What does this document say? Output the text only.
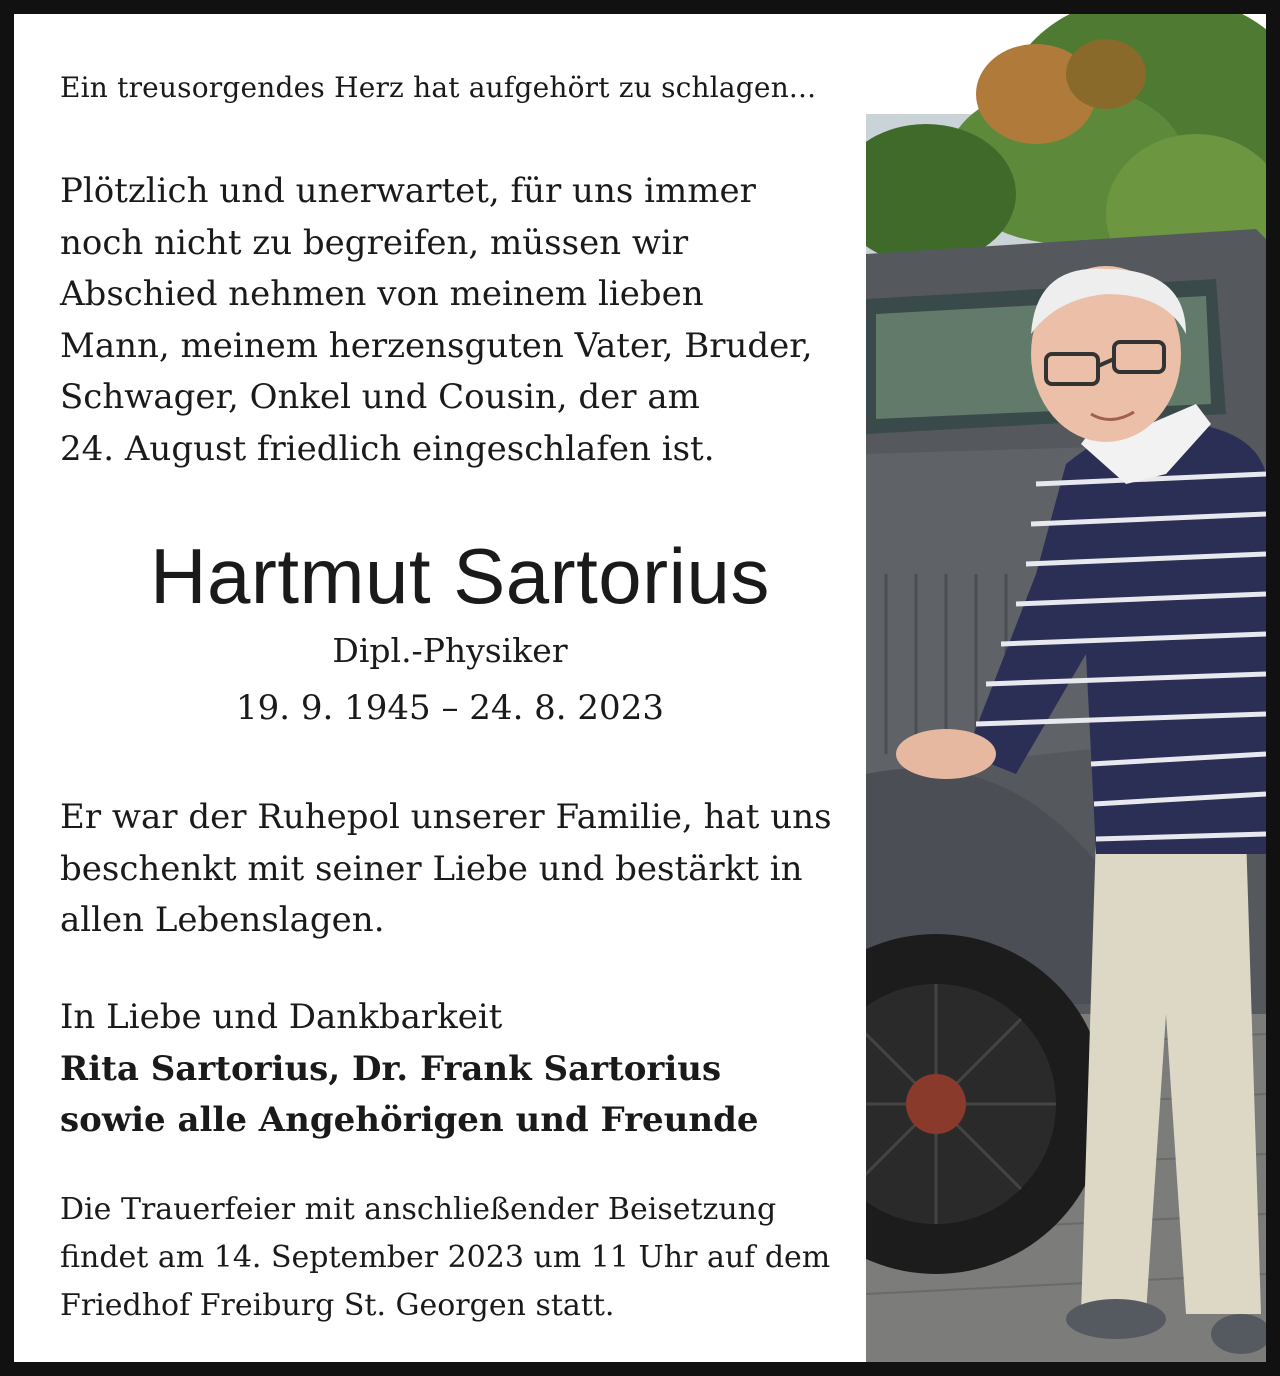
Ein treusorgendes Herz hat aufgehört zu schlagen...
Plötzlich und unerwartet, für uns immer
noch nicht zu begreifen, müssen wir
Abschied nehmen von meinem lieben
Mann, meinem herzensguten Vater, Bruder,
Schwager, Onkel und Cousin, der am
24. August friedlich eingeschlafen ist.
Hartmut Sartorius
Dipl.-Physiker
19. 9. 1945 – 24. 8. 2023
Er war der Ruhepol unserer Familie, hat uns
beschenkt mit seiner Liebe und bestärkt in
allen Lebenslagen.
In Liebe und Dankbarkeit
Rita Sartorius, Dr. Frank Sartorius
sowie alle Angehörigen und Freunde
Die Trauerfeier mit anschließender Beisetzung
findet am 14. September 2023 um 11 Uhr auf dem
Friedhof Freiburg St. Georgen statt.
